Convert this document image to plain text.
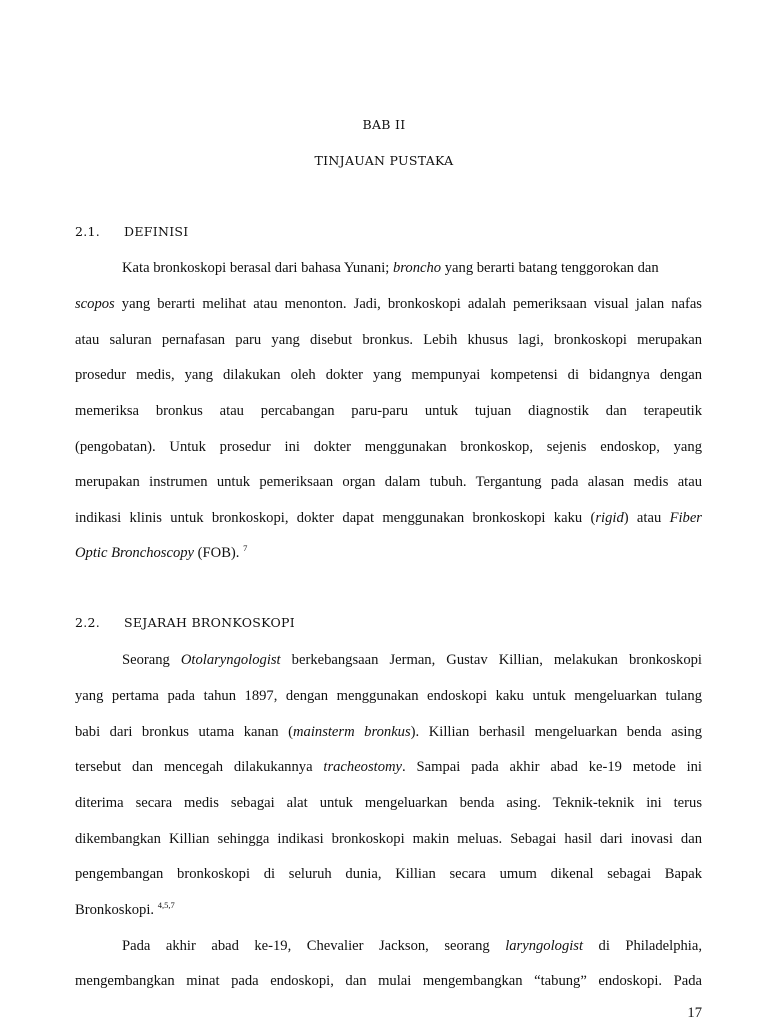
BAB II
TINJAUAN PUSTAKA
2.1. DEFINISI
Kata bronkoskopi berasal dari bahasa Yunani; broncho yang berarti batang tenggorokan dan
scopos yang berarti melihat atau menonton. Jadi, bronkoskopi adalah pemeriksaan visual jalan nafas
atau saluran pernafasan paru yang disebut bronkus. Lebih khusus lagi, bronkoskopi merupakan
prosedur medis, yang dilakukan oleh dokter yang mempunyai kompetensi di bidangnya dengan
memeriksa bronkus atau percabangan paru-paru untuk tujuan diagnostik dan terapeutik
(pengobatan). Untuk prosedur ini dokter menggunakan bronkoskop, sejenis endoskop, yang
merupakan instrumen untuk pemeriksaan organ dalam tubuh. Tergantung pada alasan medis atau
indikasi klinis untuk bronkoskopi, dokter dapat menggunakan bronkoskopi kaku (rigid) atau Fiber
Optic Bronchoscopy (FOB). $^7$
2.2. SEJARAH BRONKOSKOPI
Seorang Otolaryngologist berkebangsaan Jerman, Gustav Killian, melakukan bronkoskopi
yang pertama pada tahun 1897, dengan menggunakan endoskopi kaku untuk mengeluarkan tulang
babi dari bronkus utama kanan (mainsterm bronkus). Killian berhasil mengeluarkan benda asing
tersebut dan mencegah dilakukannya tracheostomy. Sampai pada akhir abad ke-19 metode ini
diterima secara medis sebagai alat untuk mengeluarkan benda asing. Teknik-teknik ini terus
dikembangkan Killian sehingga indikasi bronkoskopi makin meluas. Sebagai hasil dari inovasi dan
pengembangan bronkoskopi di seluruh dunia, Killian secara umum dikenal sebagai Bapak
Bronkoskopi. $^{4,5,7}$
Pada akhir abad ke-19, Chevalier Jackson, seorang laryngologist di Philadelphia,
mengembangkan minat pada endoskopi, dan mulai mengembangkan “tabung” endoskopi. Pada
17
